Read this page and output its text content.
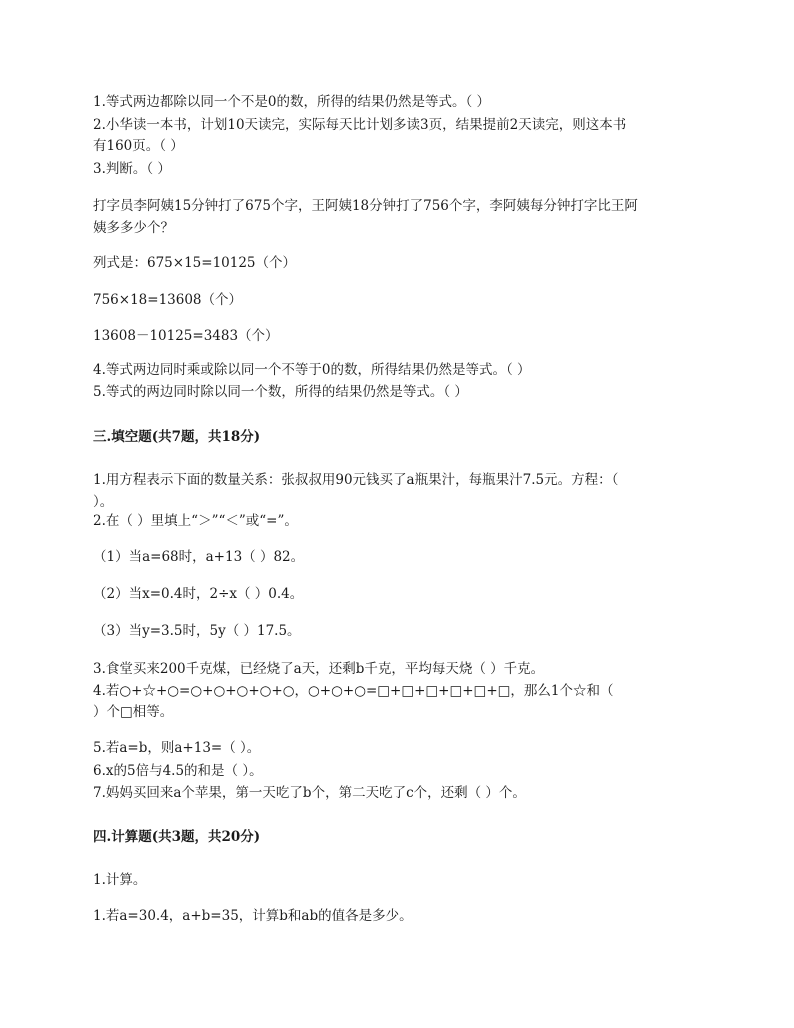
1.等式两边都除以同一个不是0的数，所得的结果仍然是等式。（ ）
2.小华读一本书，计划10天读完，实际每天比计划多读3页，结果提前2天读完，则这本书
有160页。（ ）
3.判断。（ ）
打字员李阿姨15分钟打了675个字，王阿姨18分钟打了756个字，李阿姨每分钟打字比王阿
姨多多少个？
列式是：675×15=10125（个）
756×18=13608（个）
13608－10125=3483（个）
4.等式两边同时乘或除以同一个不等于0的数，所得结果仍然是等式。（ ）
5.等式的两边同时除以同一个数，所得的结果仍然是等式。（ ）
三.填空题(共7题，共18分)
1.用方程表示下面的数量关系：张叔叔用90元钱买了a瓶果汁，每瓶果汁7.5元。方程：（
）。
2.在（ ）里填上“＞”“＜”或“=”。
（1）当a=68时，a+13（ ）82。
（2）当x=0.4时，2÷x（ ）0.4。
（3）当y=3.5时，5y（ ）17.5。
3.食堂买来200千克煤，已经烧了a天，还剩b千克，平均每天烧（ ）千克。
4.若○+☆+○=○+○+○+○+○，○+○+○=□+□+□+□+□+□，那么1个☆和（
）个□相等。
5.若a=b，则a+13=（ ）。
6.x的5倍与4.5的和是（ ）。
7.妈妈买回来a个苹果，第一天吃了b个，第二天吃了c个，还剩（ ）个。
四.计算题(共3题，共20分)
1.计算。
1.若a=30.4，a+b=35，计算b和ab的值各是多少。
